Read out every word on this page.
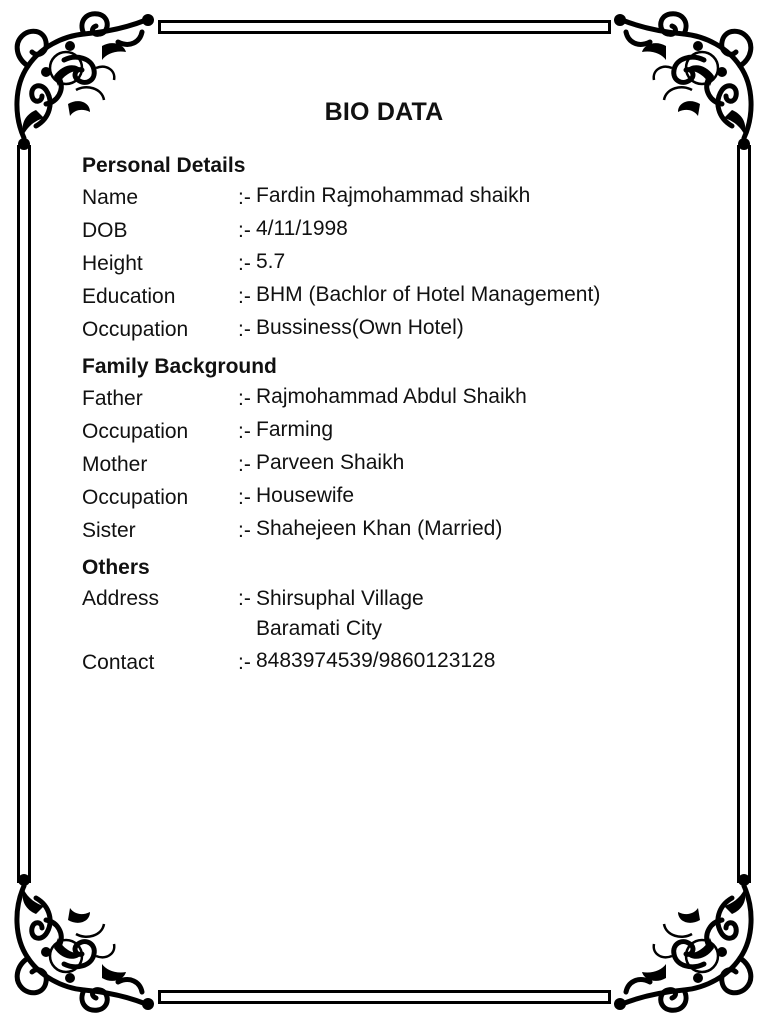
BIO DATA
Personal Details
Name	:- Fardin Rajmohammad shaikh
DOB	:- 4/11/1998
Height	:- 5.7
Education	:- BHM (Bachlor of Hotel Management)
Occupation	:- Bussiness(Own Hotel)
Family Background
Father	:- Rajmohammad Abdul Shaikh
Occupation	:- Farming
Mother	:- Parveen Shaikh
Occupation	:- Housewife
Sister	:- Shahejeen Khan (Married)
Others
Address	:- Shirsuphal Village
Baramati City
Contact	:- 8483974539/9860123128
